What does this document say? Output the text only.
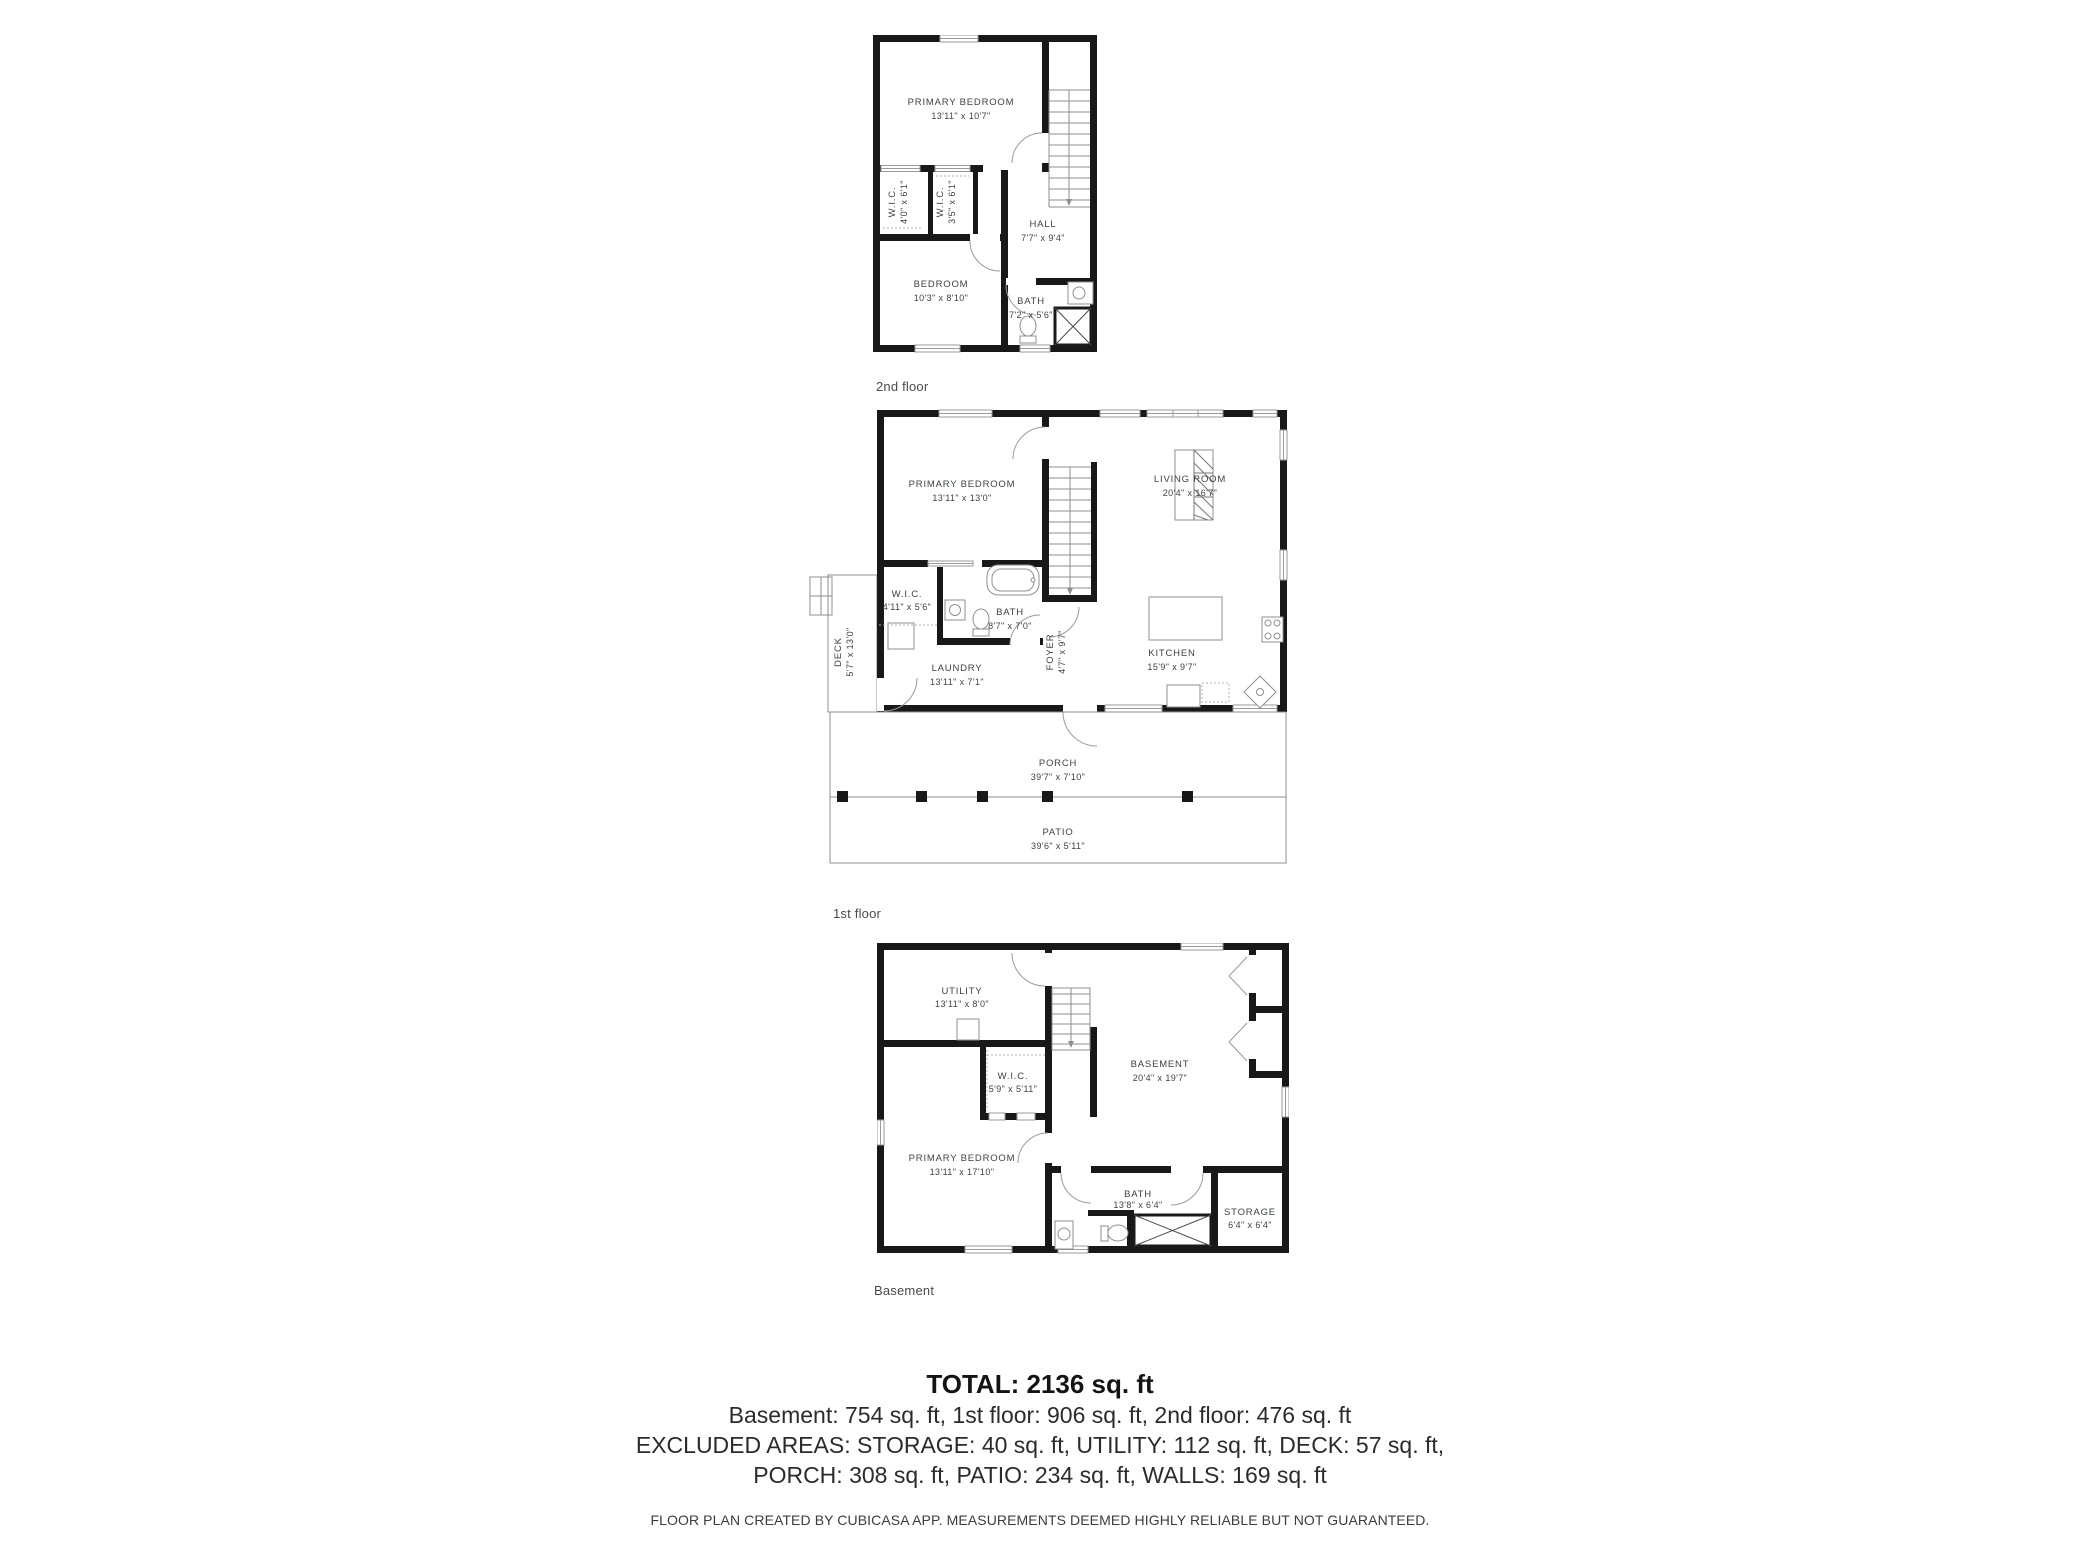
PRIMARY BEDROOM
13'11" x 10'7"
W.I.C. 4'0" x 6'1"	W.I.C. 3'5" x 6'1"
HALL
7'7" x 9'4"
BEDROOM
10'3" x 8'10"	BATH
7'2" x 5'6"
2nd floor
PRIMARY BEDROOM
13'11" x 13'0"
LIVING ROOM
20'4" x 16'7"
W.I.C.
4'11" x 5'6"	BATH
8'7" x 7'0"
LAUNDRY
13'11" x 7'1"
FOYER 4'7" x 9'7"	KITCHEN
15'9" x 9'7"
DECK 5'7" x 13'0"
PORCH
39'7" x 7'10"
PATIO
39'6" x 5'11"
1st floor
UTILITY
13'11" x 8'0"
BASEMENT
20'4" x 19'7"
W.I.C.
5'9" x 5'11"
PRIMARY BEDROOM
13'11" x 17'10"
BATH
13'8" x 6'4"
STORAGE
6'4" x 6'4"
Basement
TOTAL: 2136 sq. ft
Basement: 754 sq. ft, 1st floor: 906 sq. ft, 2nd floor: 476 sq. ft
EXCLUDED AREAS: STORAGE: 40 sq. ft, UTILITY: 112 sq. ft, DECK: 57 sq. ft,
PORCH: 308 sq. ft, PATIO: 234 sq. ft, WALLS: 169 sq. ft
FLOOR PLAN CREATED BY CUBICASA APP. MEASUREMENTS DEEMED HIGHLY RELIABLE BUT NOT GUARANTEED.
